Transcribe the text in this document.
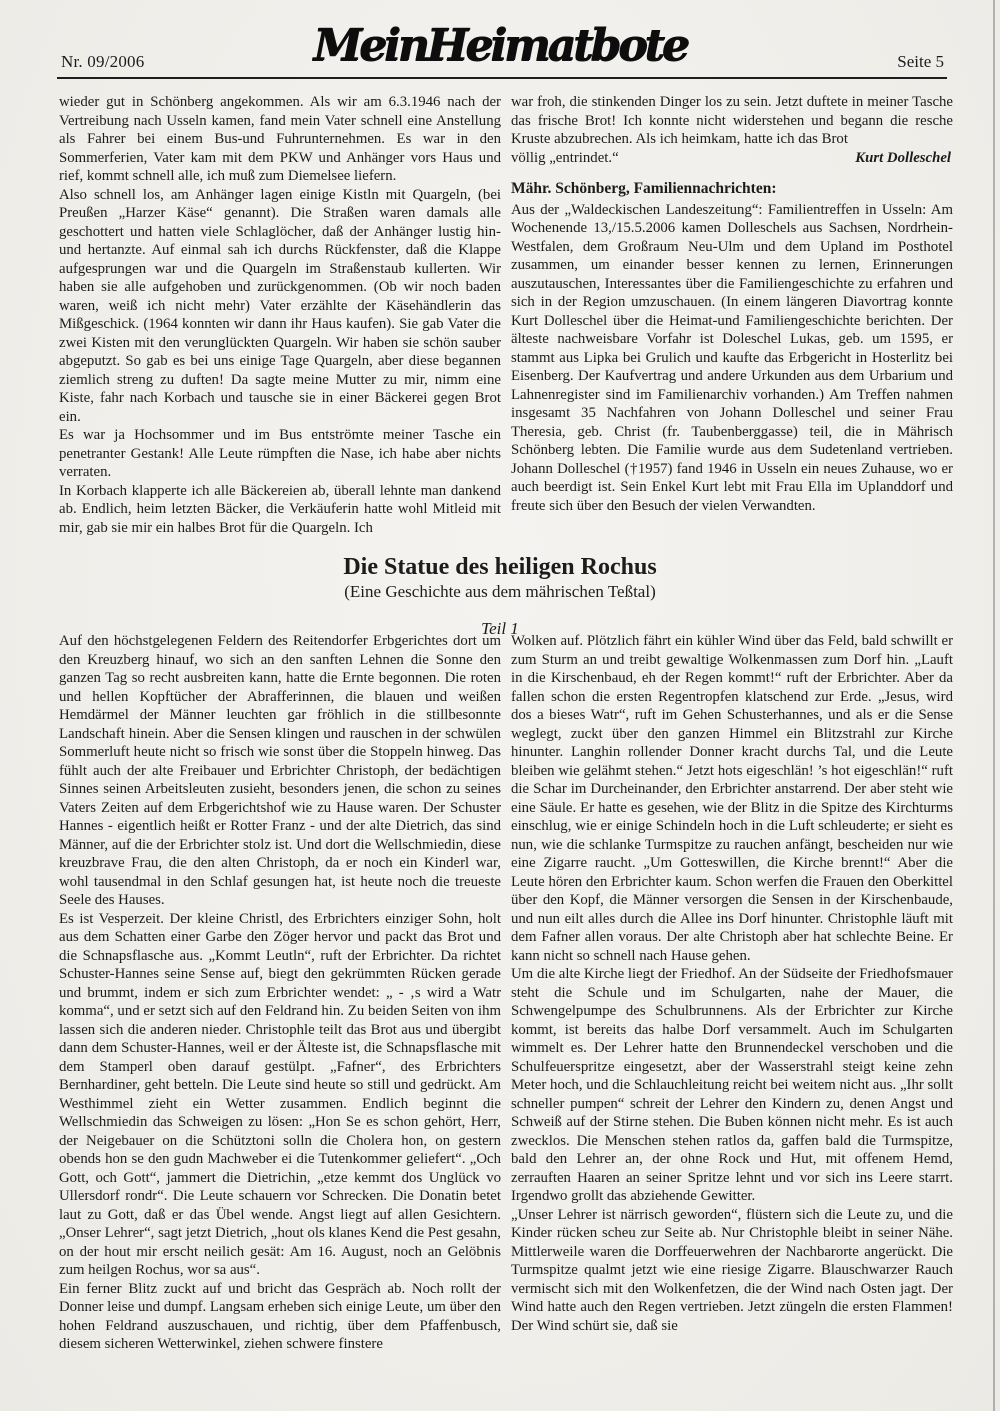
Nr. 09/2006	MeinHeimatbote	Seite 5

wieder gut in Schönberg angekommen. Als wir am 6.3.1946 nach der Vertreibung nach Usseln kamen, fand mein Vater schnell eine Anstellung als Fahrer bei einem Bus-und Fuhrunternehmen. Es war in den Sommerferien, Vater kam mit dem PKW und Anhänger vors Haus und rief, kommt schnell alle, ich muß zum Diemelsee liefern.

Also schnell los, am Anhänger lagen einige Kistln mit Quargeln, (bei Preußen „Harzer Käse“ genannt). Die Straßen waren damals alle geschottert und hatten viele Schlaglöcher, daß der Anhänger lustig hin- und hertanzte. Auf einmal sah ich durchs Rückfenster, daß die Klappe aufgesprungen war und die Quargeln im Straßenstaub kullerten. Wir haben sie alle aufgehoben und zurückgenommen. (Ob wir noch baden waren, weiß ich nicht mehr) Vater erzählte der Käsehändlerin das Mißgeschick. (1964 konnten wir dann ihr Haus kaufen). Sie gab Vater die zwei Kisten mit den verunglückten Quargeln. Wir haben sie schön sauber abgeputzt. So gab es bei uns einige Tage Quargeln, aber diese begannen ziemlich streng zu duften! Da sagte meine Mutter zu mir, nimm eine Kiste, fahr nach Korbach und tausche sie in einer Bäckerei gegen Brot ein.

Es war ja Hochsommer und im Bus entströmte meiner Tasche ein penetranter Gestank! Alle Leute rümpften die Nase, ich habe aber nichts verraten.

In Korbach klapperte ich alle Bäckereien ab, überall lehnte man dankend ab. Endlich, heim letzten Bäcker, die Verkäuferin hatte wohl Mitleid mit mir, gab sie mir ein halbes Brot für die Quargeln. Ich

war froh, die stinkenden Dinger los zu sein. Jetzt duftete in meiner Tasche das frische Brot! Ich konnte nicht widerstehen und begann die resche Kruste abzubrechen. Als ich heimkam, hatte ich das Brot

völlig „entrindet.“	Kurt Dolleschel

Mähr. Schönberg, Familiennachrichten:

Aus der „Waldeckischen Landeszeitung“: Familientreffen in Usseln: Am Wochenende 13,/15.5.2006 kamen Dolleschels aus Sachsen, Nordrhein-Westfalen, dem Großraum Neu-Ulm und dem Upland im Posthotel zusammen, um einander besser kennen zu lernen, Erinnerungen auszutauschen, Interessantes über die Familiengeschichte zu erfahren und sich in der Region umzuschauen. (In einem längeren Diavortrag konnte Kurt Dolleschel über die Heimat-und Familiengeschichte berichten. Der älteste nachweisbare Vorfahr ist Doleschel Lukas, geb. um 1595, er stammt aus Lipka bei Grulich und kaufte das Erbgericht in Hosterlitz bei Eisenberg. Der Kaufvertrag und andere Urkunden aus dem Urbarium und Lahnenregister sind im Familienarchiv vorhanden.) Am Treffen nahmen insgesamt 35 Nachfahren von Johann Dolleschel und seiner Frau Theresia, geb. Christ (fr. Taubenberggasse) teil, die in Mährisch Schönberg lebten. Die Familie wurde aus dem Sudetenland vertrieben. Johann Dolleschel (†1957) fand 1946 in Usseln ein neues Zuhause, wo er auch beerdigt ist. Sein Enkel Kurt lebt mit Frau Ella im Uplanddorf und freute sich über den Besuch der vielen Verwandten.

Die Statue des heiligen Rochus

(Eine Geschichte aus dem mährischen Teßtal)

Teil 1

Auf den höchstgelegenen Feldern des Reitendorfer Erbgerichtes dort um den Kreuzberg hinauf, wo sich an den sanften Lehnen die Sonne den ganzen Tag so recht ausbreiten kann, hatte die Ernte begonnen. Die roten und hellen Kopftücher der Abrafferinnen, die blauen und weißen Hemdärmel der Männer leuchten gar fröhlich in die stillbesonnte Landschaft hinein. Aber die Sensen klingen und rauschen in der schwülen Sommerluft heute nicht so frisch wie sonst über die Stoppeln hinweg. Das fühlt auch der alte Freibauer und Erbrichter Christoph, der bedächtigen Sinnes seinen Arbeitsleuten zusieht, besonders jenen, die schon zu seines Vaters Zeiten auf dem Erbgerichtshof wie zu Hause waren. Der Schuster Hannes - eigentlich heißt er Rotter Franz - und der alte Dietrich, das sind Männer, auf die der Erbrichter stolz ist. Und dort die Wellschmiedin, diese kreuzbrave Frau, die den alten Christoph, da er noch ein Kinderl war, wohl tausendmal in den Schlaf gesungen hat, ist heute noch die treueste Seele des Hauses.

Es ist Vesperzeit. Der kleine Christl, des Erbrichters einziger Sohn, holt aus dem Schatten einer Garbe den Zöger hervor und packt das Brot und die Schnapsflasche aus. „Kommt Leutln“, ruft der Erbrichter. Da richtet Schuster-Hannes seine Sense auf, biegt den gekrümmten Rücken gerade und brummt, indem er sich zum Erbrichter wendet: „ - ‚s wird a Watr komma“, und er setzt sich auf den Feldrand hin. Zu beiden Seiten von ihm lassen sich die anderen nieder. Christophle teilt das Brot aus und übergibt dann dem Schuster-Hannes, weil er der Älteste ist, die Schnapsflasche mit dem Stamperl oben darauf gestülpt. „Fafner“, des Erbrichters Bernhardiner, geht betteln. Die Leute sind heute so still und gedrückt. Am Westhimmel zieht ein Wetter zusammen. Endlich beginnt die Wellschmiedin das Schweigen zu lösen: „Hon Se es schon gehört, Herr, der Neigebauer on die Schütztoni solln die Cholera hon, on gestern obends hon se den gudn Machweber ei die Tutenkommer geliefert“. „Och Gott, och Gott“, jammert die Dietrichin, „etze kemmt dos Unglück vo Ullersdorf rondr“. Die Leute schauern vor Schrecken. Die Donatin betet laut zu Gott, daß er das Übel wende. Angst liegt auf allen Gesichtern. „Onser Lehrer“, sagt jetzt Dietrich, „hout ols klanes Kend die Pest gesahn, on der hout mir erscht neilich gesät: Am 16. August, noch an Gelöbnis zum heilgen Rochus, wor sa aus“.

Ein ferner Blitz zuckt auf und bricht das Gespräch ab. Noch rollt der Donner leise und dumpf. Langsam erheben sich einige Leute, um über den hohen Feldrand auszuschauen, und richtig, über dem Pfaffenbusch, diesem sicheren Wetterwinkel, ziehen schwere finstere

Wolken auf. Plötzlich fährt ein kühler Wind über das Feld, bald schwillt er zum Sturm an und treibt gewaltige Wolkenmassen zum Dorf hin. „Lauft in die Kirschenbaud, eh der Regen kommt!“ ruft der Erbrichter. Aber da fallen schon die ersten Regentropfen klatschend zur Erde. „Jesus, wird dos a bieses Watr“, ruft im Gehen Schusterhannes, und als er die Sense weglegt, zuckt über den ganzen Himmel ein Blitzstrahl zur Kirche hinunter. Langhin rollender Donner kracht durchs Tal, und die Leute bleiben wie gelähmt stehen.“ Jetzt hots eigeschlän! ’s hot eigeschlän!“ ruft die Schar im Durcheinander, den Erbrichter anstarrend. Der aber steht wie eine Säule. Er hatte es gesehen, wie der Blitz in die Spitze des Kirchturms einschlug, wie er einige Schindeln hoch in die Luft schleuderte; er sieht es nun, wie die schlanke Turmspitze zu rauchen anfängt, bescheiden nur wie eine Zigarre raucht. „Um Gotteswillen, die Kirche brennt!“ Aber die Leute hören den Erbrichter kaum. Schon werfen die Frauen den Oberkittel über den Kopf, die Männer versorgen die Sensen in der Kirschenbaude, und nun eilt alles durch die Allee ins Dorf hinunter. Christophle läuft mit dem Fafner allen voraus. Der alte Christoph aber hat schlechte Beine. Er kann nicht so schnell nach Hause gehen.

Um die alte Kirche liegt der Friedhof. An der Südseite der Friedhofsmauer steht die Schule und im Schulgarten, nahe der Mauer, die Schwengelpumpe des Schulbrunnens. Als der Erbrichter zur Kirche kommt, ist bereits das halbe Dorf versammelt. Auch im Schulgarten wimmelt es. Der Lehrer hatte den Brunnendeckel verschoben und die Schulfeuerspritze eingesetzt, aber der Wasserstrahl steigt keine zehn Meter hoch, und die Schlauchleitung reicht bei weitem nicht aus. „Ihr sollt schneller pumpen“ schreit der Lehrer den Kindern zu, denen Angst und Schweiß auf der Stirne stehen. Die Buben können nicht mehr. Es ist auch zwecklos. Die Menschen stehen ratlos da, gaffen bald die Turmspitze, bald den Lehrer an, der ohne Rock und Hut, mit offenem Hemd, zerrauften Haaren an seiner Spritze lehnt und vor sich ins Leere starrt. Irgendwo grollt das abziehende Gewitter.

„Unser Lehrer ist närrisch geworden“, flüstern sich die Leute zu, und die Kinder rücken scheu zur Seite ab. Nur Christophle bleibt in seiner Nähe. Mittlerweile waren die Dorffeuerwehren der Nachbarorte angerückt. Die Turmspitze qualmt jetzt wie eine riesige Zigarre. Blauschwarzer Rauch vermischt sich mit den Wolkenfetzen, die der Wind nach Osten jagt. Der Wind hatte auch den Regen vertrieben. Jetzt züngeln die ersten Flammen! Der Wind schürt sie, daß sie
